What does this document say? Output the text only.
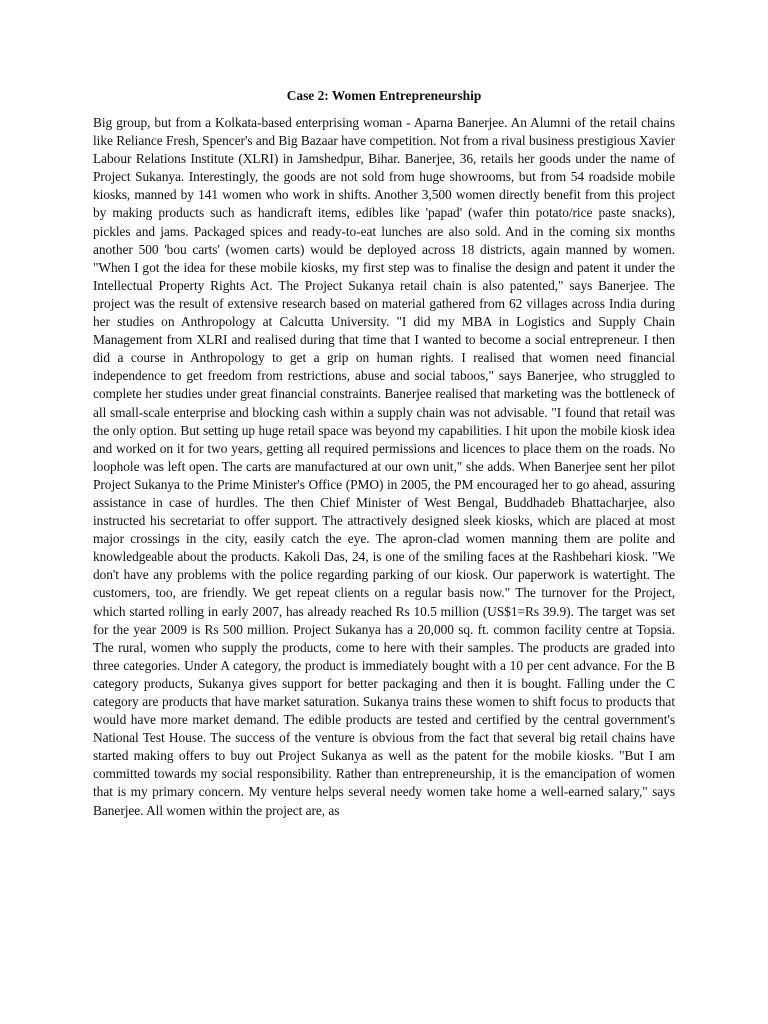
Case 2: Women Entrepreneurship

Big group, but from a Kolkata-based enterprising woman - Aparna Banerjee. An Alumni of the retail chains like Reliance Fresh, Spencer's and Big Bazaar have competition. Not from a rival business prestigious Xavier Labour Relations Institute (XLRI) in Jamshedpur, Bihar. Banerjee, 36, retails her goods under the name of Project Sukanya. Interestingly, the goods are not sold from huge showrooms, but from 54 roadside mobile kiosks, manned by 141 women who work in shifts. Another 3,500 women directly benefit from this project by making products such as handicraft items, edibles like 'papad' (wafer thin potato/rice paste snacks), pickles and jams. Packaged spices and ready-to-eat lunches are also sold. And in the coming six months another 500 'bou carts' (women carts) would be deployed across 18 districts, again manned by women. "When I got the idea for these mobile kiosks, my first step was to finalise the design and patent it under the Intellectual Property Rights Act. The Project Sukanya retail chain is also patented," says Banerjee. The project was the result of extensive research based on material gathered from 62 villages across India during her studies on Anthropology at Calcutta University. "I did my MBA in Logistics and Supply Chain Management from XLRI and realised during that time that I wanted to become a social entrepreneur. I then did a course in Anthropology to get a grip on human rights. I realised that women need financial independence to get freedom from restrictions, abuse and social taboos," says Banerjee, who struggled to complete her studies under great financial constraints. Banerjee realised that marketing was the bottleneck of all small-scale enterprise and blocking cash within a supply chain was not advisable. "I found that retail was the only option. But setting up huge retail space was beyond my capabilities. I hit upon the mobile kiosk idea and worked on it for two years, getting all required permissions and licences to place them on the roads. No loophole was left open. The carts are manufactured at our own unit," she adds. When Banerjee sent her pilot Project Sukanya to the Prime Minister's Office (PMO) in 2005, the PM encouraged her to go ahead, assuring assistance in case of hurdles. The then Chief Minister of West Bengal, Buddhadeb Bhattacharjee, also instructed his secretariat to offer support. The attractively designed sleek kiosks, which are placed at most major crossings in the city, easily catch the eye. The apron-clad women manning them are polite and knowledgeable about the products. Kakoli Das, 24, is one of the smiling faces at the Rashbehari kiosk. "We don't have any problems with the police regarding parking of our kiosk. Our paperwork is watertight. The customers, too, are friendly. We get repeat clients on a regular basis now." The turnover for the Project, which started rolling in early 2007, has already reached Rs 10.5 million (US$1=Rs 39.9). The target was set for the year 2009 is Rs 500 million. Project Sukanya has a 20,000 sq. ft. common facility centre at Topsia. The rural, women who supply the products, come to here with their samples. The products are graded into three categories. Under A category, the product is immediately bought with a 10 per cent advance. For the B category products, Sukanya gives support for better packaging and then it is bought. Falling under the C category are products that have market saturation. Sukanya trains these women to shift focus to products that would have more market demand. The edible products are tested and certified by the central government's National Test House. The success of the venture is obvious from the fact that several big retail chains have started making offers to buy out Project Sukanya as well as the patent for the mobile kiosks. "But I am committed towards my social responsibility. Rather than entrepreneurship, it is the emancipation of women that is my primary concern. My venture helps several needy women take home a well-earned salary," says Banerjee. All women within the project are, as
